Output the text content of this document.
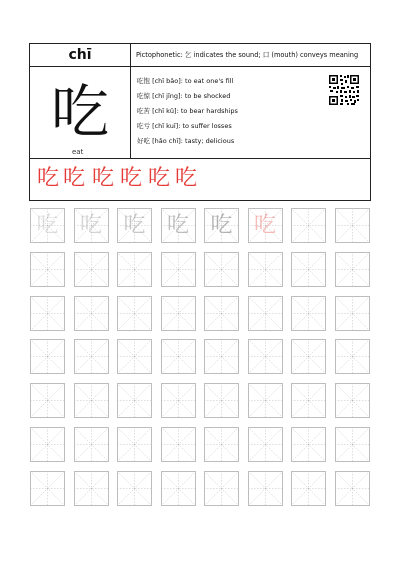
chī
吃
eat
Pictophonetic: 乞 indicates the sound; 口 (mouth) conveys meaning
吃饱 [chī bǎo]: to eat one's fill
吃惊 [chī jīng]: to be shocked
吃苦 [chī kǔ]: to bear hardships
吃亏 [chī kuī]: to suffer losses
好吃 [hǎo chī]: tasty; delicious
吃 吃 吃 吃 吃 吃
吃 吃 吃 吃 吃 吃
